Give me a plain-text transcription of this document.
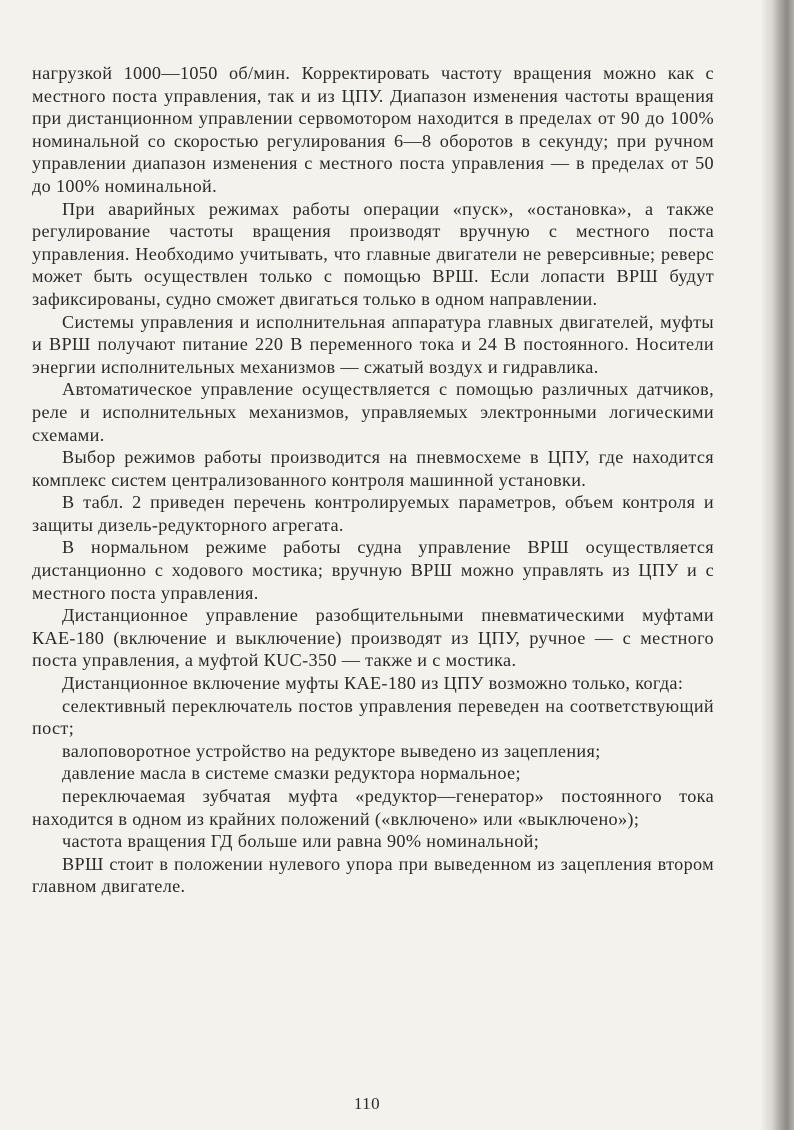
нагрузкой 1000—1050 об/мин. Корректировать частоту вращения можно как с местного поста управления, так и из ЦПУ. Диапазон изменения частоты вращения при дистанционном управлении сервомотором находится в пределах от 90 до 100% номинальной со скоростью регулирования 6—8 оборотов в секунду; при ручном управлении диапазон изменения с местного поста управления — в пределах от 50 до 100% номинальной.

При аварийных режимах работы операции «пуск», «остановка», а также регулирование частоты вращения производят вручную с местного поста управления. Необходимо учитывать, что главные двигатели не реверсивные; реверс может быть осуществлен только с помощью ВРШ. Если лопасти ВРШ будут зафиксированы, судно сможет двигаться только в одном направлении.

Системы управления и исполнительная аппаратура главных двигателей, муфты и ВРШ получают питание 220 В переменного тока и 24 В постоянного. Носители энергии исполнительных механизмов — сжатый воздух и гидравлика.

Автоматическое управление осуществляется с помощью различных датчиков, реле и исполнительных механизмов, управляемых электронными логическими схемами.

Выбор режимов работы производится на пневмосхеме в ЦПУ, где находится комплекс систем централизованного контроля машинной установки.

В табл. 2 приведен перечень контролируемых параметров, объем контроля и защиты дизель-редукторного агрегата.

В нормальном режиме работы судна управление ВРШ осуществляется дистанционно с ходового мостика; вручную ВРШ можно управлять из ЦПУ и с местного поста управления.

Дистанционное управление разобщительными пневматическими муфтами КАЕ-180 (включение и выключение) производят из ЦПУ, ручное — с местного поста управления, а муфтой КUС-350 — также и с мостика.

Дистанционное включение муфты КАЕ-180 из ЦПУ возможно только, когда:

селективный переключатель постов управления переведен на соответствующий пост;

валоповоротное устройство на редукторе выведено из зацепления;

давление масла в системе смазки редуктора нормальное;

переключаемая зубчатая муфта «редуктор—генератор» постоянного тока находится в одном из крайних положений («включено» или «выключено»);

частота вращения ГД больше или равна 90% номинальной;

ВРШ стоит в положении нулевого упора при выведенном из зацепления втором главном двигателе.

110
